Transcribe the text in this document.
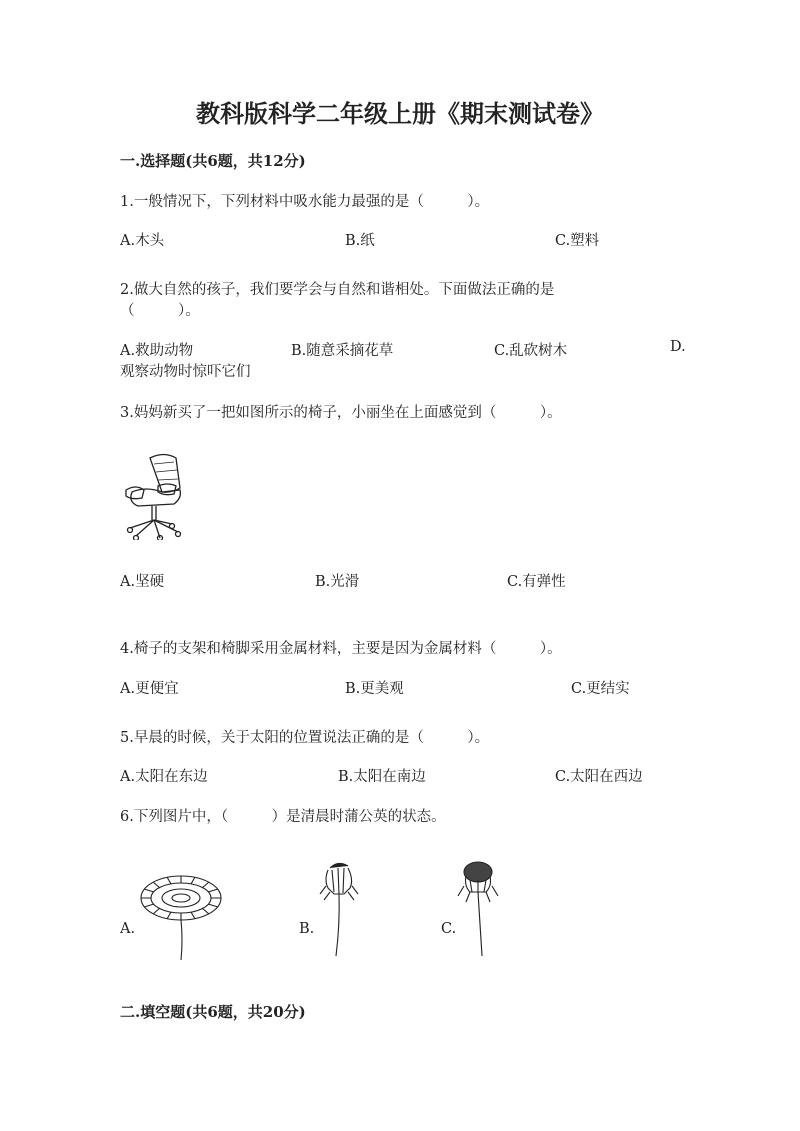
教科版科学二年级上册《期末测试卷》
一.选择题(共6题，共12分)
1.一般情况下，下列材料中吸水能力最强的是（　　　）。
A.木头	B.纸	C.塑料
2.做大自然的孩子，我们要学会与自然和谐相处。下面做法正确的是
（　　　）。
A.救助动物	B.随意采摘花草	C.乱砍树木	D.
观察动物时惊吓它们
3.妈妈新买了一把如图所示的椅子，小丽坐在上面感觉到（　　　）。
A.坚硬	B.光滑	C.有弹性
4.椅子的支架和椅脚采用金属材料，主要是因为金属材料（　　　）。
A.更便宜	B.更美观	C.更结实
5.早晨的时候，关于太阳的位置说法正确的是（　　　）。
A.太阳在东边	B.太阳在南边	C.太阳在西边
6.下列图片中，（　　　）是清晨时蒲公英的状态。
A.	B.	C.
二.填空题(共6题，共20分)
